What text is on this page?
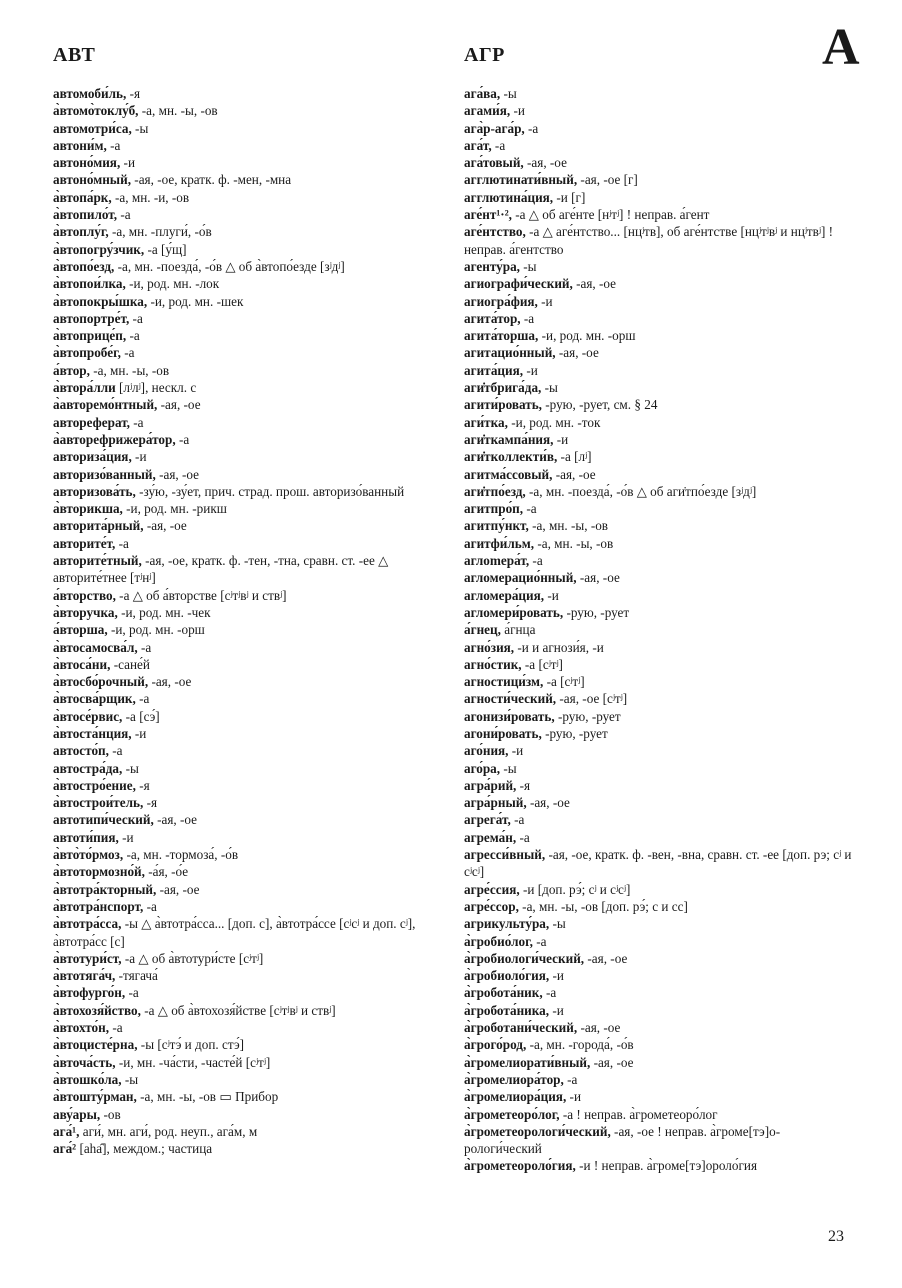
АВТ	АГР	А
автомоби́ль, -я
а̀втомо̀токлу́б, -а, мн. -ы, -ов
автомотри́са, -ы
автони́м, -а
автоно́мия, -и
автоно́мный, -ая, -ое, кратк. ф. -мен, -мна
а̀втопа́рк, -а, мн. -и, -ов
а̀втопило́т, -а
а̀втоплу́г, -а, мн. -плуги́, -о́в
а̀втопогру́зчик, -а [у́щ]
а̀втопо́езд, -а, мн. -поезда́, -о́в △ об а̀втопо́езде [зʲдʲ]
а̀втопои́лка, -и, род. мн. -лок
а̀втопокры́шка, -и, род. мн. -шек
автопортре́т, -а
а̀втоприце́п, -а
а̀втопробе́г, -а
а́втор, -а, мн. -ы, -ов
а̀втора́лли [лʲлʲ], нескл. с
а̀авторемо́нтный, -ая, -ое
автореферат, -а
а̀авторефрижера́тор, -а
авториза́ция, -и
авторизо́ванный, -ая, -ое
авторизова́ть, -зу́ю, -зу́ет, прич. страд. прош. авторизо́ванный
а̀вторикша, -и, род. мн. -рикш
авторита́рный, -ая, -ое
авторите́т, -а
авторите́тный, -ая, -ое, кратк. ф. -тен, -тна, сравн. ст. -ее △ авторите́тнее [тʲнʲ]
а́вторство, -а △ об а́вторстве [сʲтʲвʲ и ствʲ]
а̀вторучка, -и, род. мн. -чек
а́вторша, -и, род. мн. -орш
а̀втосамосва́л, -а
а̀втоса́ни, -сане́й
а̀втосбо́рочный, -ая, -ое
а̀втосва́рщик, -а
а̀втосе́рвис, -а [сэ́]
а̀втоста́нция, -и
автосто́п, -а
автостра́да, -ы
а̀втостро́ение, -я
а̀втострои́тель, -я
автотипи́ческий, -ая, -ое
автоти́пия, -и
а̀вто̀то́рмоз, -а, мн. -тормоза́, -о́в
а̀втотормозно́й, -а́я, -о́е
а̀втотра́кторный, -ая, -ое
а̀втотра́нспорт, -а
а̀втотра́сса, -ы △ а̀втотра́сса... [доп. с], а̀втотра́ссе [сʲсʲ и доп. сʲ], а̀втотра́сс [с]
а̀втотури́ст, -а △ об а̀втотури́сте [сʲтʲ]
а̀втотяга́ч, -тягача́
а̀втофурго́н, -а
а̀втохозя́йство, -а △ об а̀втохозя́йстве [сʲтʲвʲ и ствʲ]
а̀втохто́н, -а
а̀втоцисте́рна, -ы [сʲтэ́ и доп. стэ́]
а̀вточа́сть, -и, мн. -ча́сти, -часте́й [сʲтʲ]
а̀втошко́ла, -ы
а̀втошту́рман, -а, мн. -ы, -ов ▭ Прибор
аву́ары, -ов
ага́¹, аги́, мн. аги́, род. неуп., ага́м, м
ага́² [аhа̑], междом.; частица
ага́ва, -ы
агами́я, -и
ага̀р-ага́р, -а
ага́т, -а
ага́товый, -ая, -ое
агглютинати́вный, -ая, -ое [г]
агглютина́ция, -и [г]
аге́нт¹·², -а △ об аге́нте [нʲтʲ] ! неправ. а́гент
аге́нтство, -а △ аге́нтство... [нцʲтв], об аге́нтстве [нцʲтʲвʲ и нцʲтвʲ] ! неправ. а́гентство
агенту́ра, -ы
агиографи́ческий, -ая, -ое
агиогра́фия, -и
агита́тор, -а
агита́торша, -и, род. мн. -орш
агитацио́нный, -ая, -ое
агита́ция, -и
аги̇тбрига́да, -ы
агити́ровать, -рую, -рует, см. § 24
аги́тка, -и, род. мн. -ток
аги̇ткампа́ния, -и
аги̇тколлекти́в, -а [лʲ]
агитма́ссовый, -ая, -ое
аги̇тпо́езд, -а, мн. -поезда́, -о́в △ об аги̇тпо́езде [зʲдʲ]
агитпро́п, -а
агитпу́нкт, -а, мн. -ы, -ов
агитфи́льм, -а, мн. -ы, -ов
аглomepа́т, -а
агломерацио́нный, -ая, -ое
агломера́ция, -и
агломери́ровать, -рую, -рует
а́гнец, а́гнца
агно́зия, -и и агнози́я, -и
агно́стик, -а [сʲтʲ]
агностици́зм, -а [сʲтʲ]
агности́ческий, -ая, -ое [сʲтʲ]
агонизи́ровать, -рую, -рует
агони́ровать, -рую, -рует
аго́ния, -и
аго́ра, -ы
агра́рий, -я
агра́рный, -ая, -ое
агрега́т, -а
агрема́н, -а
агресси́вный, -ая, -ое, кратк. ф. -вен, -вна, сравн. ст. -ее [доп. рэ; сʲ и сʲсʲ]
агре́ссия, -и [доп. рэ́; сʲ и сʲсʲ]
агре́ссор, -а, мн. -ы, -ов [доп. рэ́; с и сс]
агрикульту́ра, -ы
а̀гробио́лог, -а
а̀гробиологи́ческий, -ая, -ое
а̀гробиоло́гия, -и
а̀гробота́ник, -а
а̀гробота́ника, -и
а̀гроботани́ческий, -ая, -ое
а̀грого́род, -а, мн. -города́, -о́в
а̀гpомелиорати́вный, -ая, -ое
а̀гpомелиора́тор, -а
а̀гpомелиора́ция, -и
а̀грометеоро́лог, -а ! неправ. а̀грометеоро́лог
а̀грометеорологи́ческий, -ая, -ое ! неправ. а̀громе[тэ]о-рологи́ческий
а̀грометеороло́гия, -и ! неправ. а̀громе[тэ]ороло́гия
23
